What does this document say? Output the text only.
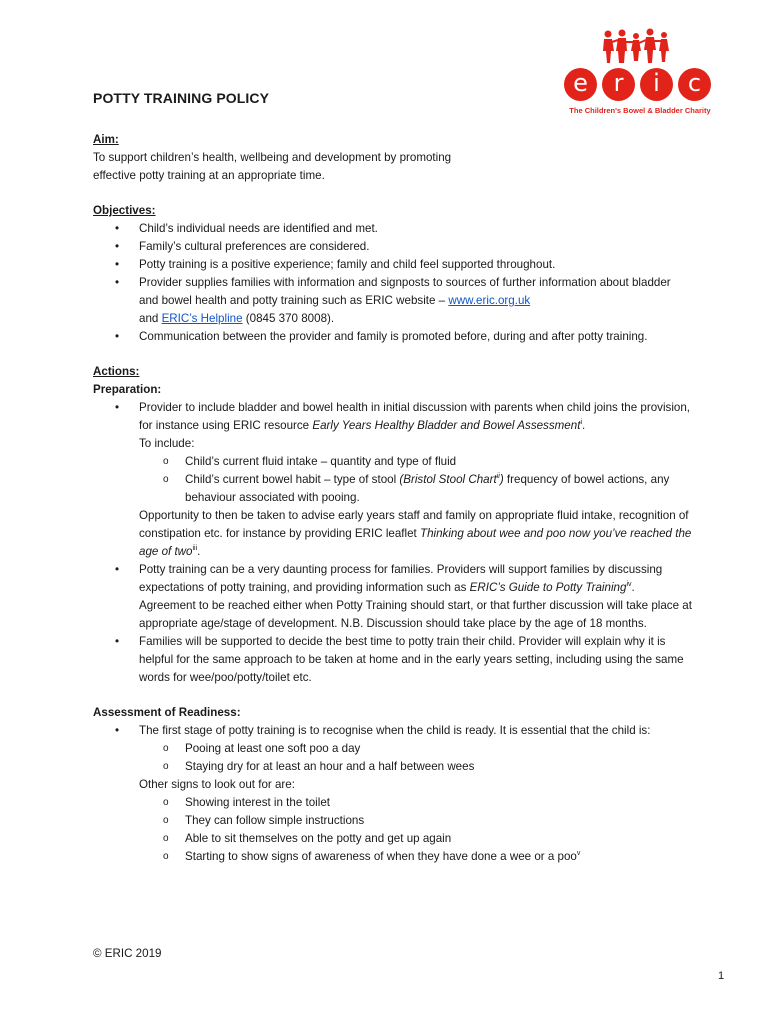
e	r	i	c
The Children's Bowel & Bladder Charity
POTTY TRAINING POLICY
Aim:
To support children’s health, wellbeing and development by promoting
effective potty training at an appropriate time.
Objectives:
• Child’s individual needs are identified and met.
• Family’s cultural preferences are considered.
• Potty training is a positive experience; family and child feel supported throughout.
• Provider supplies families with information and signposts to sources of further information about bladder and bowel health and potty training such as ERIC website – www.eric.org.uk
and ERIC’s Helpline (0845 370 8008).
• Communication between the provider and family is promoted before, during and after potty training.
Actions:
Preparation:
• Provider to include bladder and bowel health in initial discussion with parents when child joins the provision, for instance using ERIC resource Early Years Healthy Bladder and Bowel Assessment$^i$.
To include:
o Child’s current fluid intake – quantity and type of fluid
o Child’s current bowel habit – type of stool (Bristol Stool Chart$^{ii}$) frequency of bowel actions, any behaviour associated with pooing.
Opportunity to then be taken to advise early years staff and family on appropriate fluid intake, recognition of constipation etc. for instance by providing ERIC leaflet Thinking about wee and poo now you’ve reached the age of two$^{iii}$.
• Potty training can be a very daunting process for families. Providers will support families by discussing expectations of potty training, and providing information such as ERIC’s Guide to Potty Training$^{iv}$. Agreement to be reached either when Potty Training should start, or that further discussion will take place at appropriate age/stage of development. N.B. Discussion should take place by the age of 18 months.
• Families will be supported to decide the best time to potty train their child. Provider will explain why it is helpful for the same approach to be taken at home and in the early years setting, including using the same words for wee/poo/potty/toilet etc.
Assessment of Readiness:
• The first stage of potty training is to recognise when the child is ready. It is essential that the child is:
o Pooing at least one soft poo a day
o Staying dry for at least an hour and a half between wees
Other signs to look out for are:
o Showing interest in the toilet
o They can follow simple instructions
o Able to sit themselves on the potty and get up again
o Starting to show signs of awareness of when they have done a wee or a poo$^v$
© ERIC 2019
1
